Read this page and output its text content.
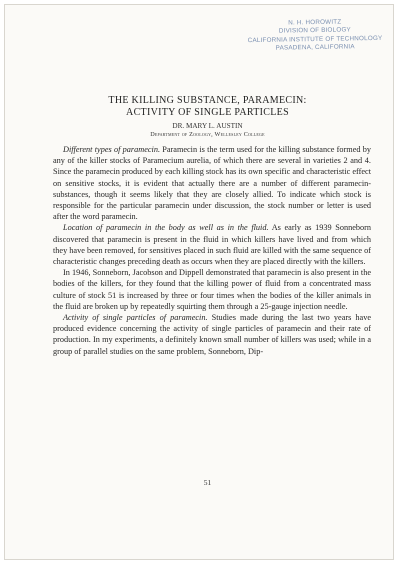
N. H. HOROWITZ
DIVISION OF BIOLOGY
CALIFORNIA INSTITUTE OF TECHNOLOGY
PASADENA, CALIFORNIA
THE KILLING SUBSTANCE, PARAMECIN:
ACTIVITY OF SINGLE PARTICLES
DR. MARY L. AUSTIN
Department of Zoology, Wellesley College

Different types of paramecin. Paramecin is the term used for the killing substance formed by any of the killer stocks of Paramecium aurelia, of which there are several in varieties 2 and 4. Since the paramecin produced by each killing stock has its own specific and characteristic effect on sensitive stocks, it is evident that actually there are a number of different paramecin-substances, though it seems likely that they are closely allied. To indicate which stock is responsible for the particular paramecin under discussion, the stock number or letter is used after the word paramecin.

Location of paramecin in the body as well as in the fluid. As early as 1939 Sonneborn discovered that paramecin is present in the fluid in which killers have lived and from which they have been removed, for sensitives placed in such fluid are killed with the same sequence of characteristic changes preceding death as occurs when they are placed directly with the killers.

In 1946, Sonneborn, Jacobson and Dippell demonstrated that paramecin is also present in the bodies of the killers, for they found that the killing power of fluid from a concentrated mass culture of stock 51 is increased by three or four times when the bodies of the killer animals in the fluid are broken up by repeatedly squirting them through a 25-gauge injection needle.

Activity of single particles of paramecin. Studies made during the last two years have produced evidence concerning the activity of single particles of paramecin and their rate of production. In my experiments, a definitely known small number of killers was used; while in a group of parallel studies on the same problem, Sonneborn, Dip-

51
